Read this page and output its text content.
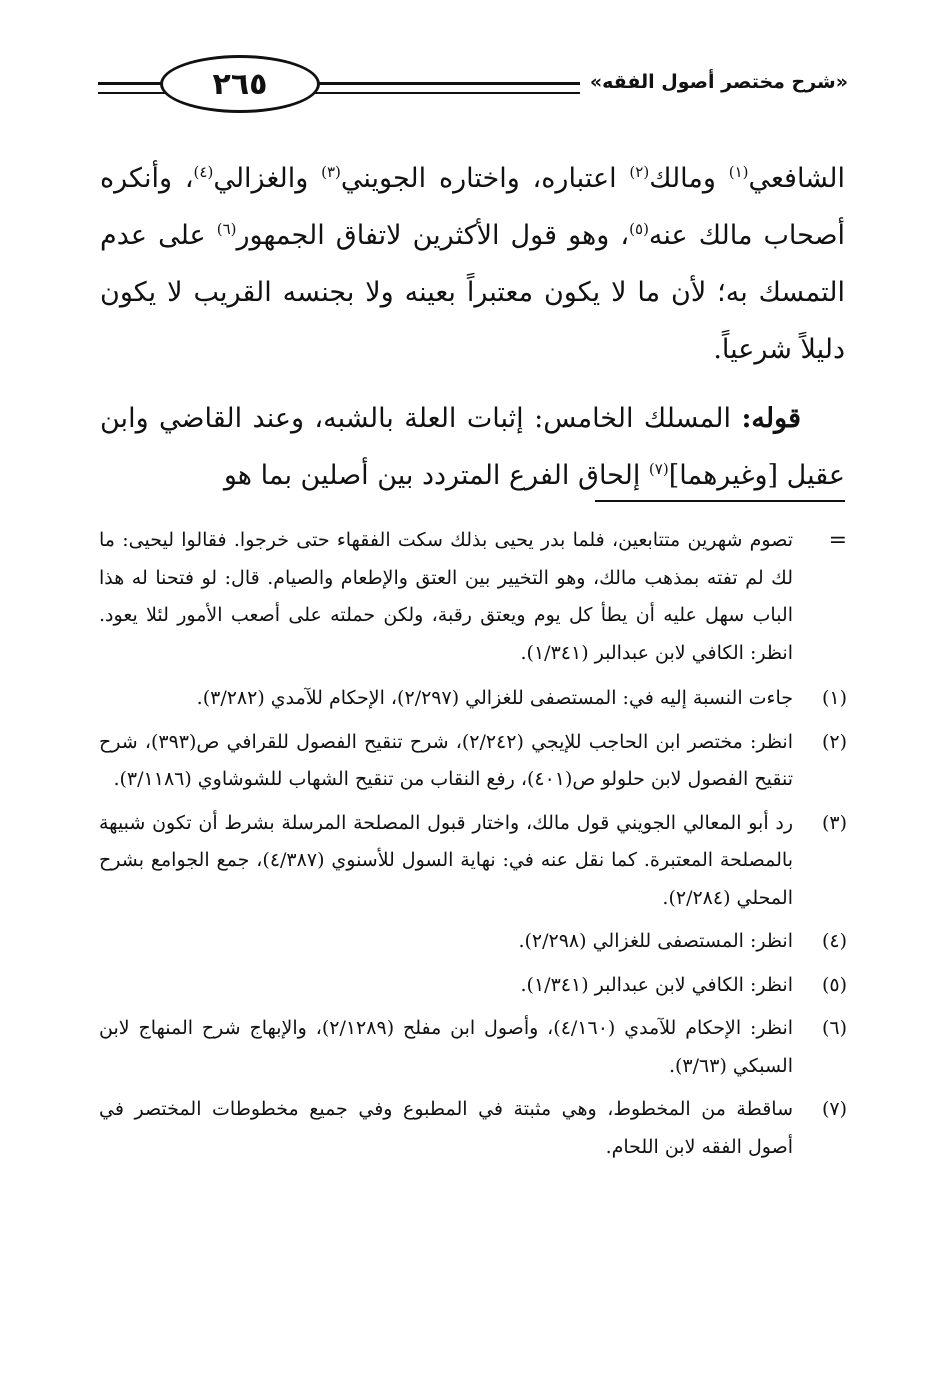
٢٦٥	«شرح مختصر أصول الفقه»

الشافعي$^{(١)}$ ومالك$^{(٢)}$ اعتباره، واختاره الجويني$^{(٣)}$ والغزالي$^{(٤)}$، وأنكره أصحاب مالك عنه$^{(٥)}$، وهو قول الأكثرين لاتفاق الجمهور$^{(٦)}$ على عدم التمسك به؛ لأن ما لا يكون معتبراً بعينه ولا بجنسه القريب لا يكون دليلاً شرعياً.

قوله: المسلك الخامس: إثبات العلة بالشبه، وعند القاضي وابن عقيل [وغيرهما]$^{(٧)}$ إلحاق الفرع المتردد بين أصلين بما هو

=
تصوم شهرين متتابعين، فلما بدر يحيى بذلك سكت الفقهاء حتى خرجوا. فقالوا ليحيى: ما لك لم تفته بمذهب مالك، وهو التخيير بين العتق والإطعام والصيام. قال: لو فتحنا له هذا الباب سهل عليه أن يطأ كل يوم ويعتق رقبة، ولكن حملته على أصعب الأمور لئلا يعود. انظر: الكافي لابن عبدالبر (١/٣٤١).
(١)
جاءت النسبة إليه في: المستصفى للغزالي (٢/٢٩٧)، الإحكام للآمدي (٣/٢٨٢).
(٢)
انظر: مختصر ابن الحاجب للإيجي (٢/٢٤٢)، شرح تنقيح الفصول للقرافي ص(٣٩٣)، شرح تنقيح الفصول لابن حلولو ص(٤٠١)، رفع النقاب من تنقيح الشهاب للشوشاوي (٣/١١٨٦).
(٣)
رد أبو المعالي الجويني قول مالك، واختار قبول المصلحة المرسلة بشرط أن تكون شبيهة بالمصلحة المعتبرة. كما نقل عنه في: نهاية السول للأسنوي (٤/٣٨٧)، جمع الجوامع بشرح المحلي (٢/٢٨٤).
(٤)
انظر: المستصفى للغزالي (٢/٢٩٨).
(٥)
انظر: الكافي لابن عبدالبر (١/٣٤١).
(٦)
انظر: الإحكام للآمدي (٤/١٦٠)، وأصول ابن مفلح (٢/١٢٨٩)، والإبهاج شرح المنهاج لابن السبكي (٣/٦٣).
(٧)
ساقطة من المخطوط، وهي مثبتة في المطبوع وفي جميع مخطوطات المختصر في أصول الفقه لابن اللحام.
